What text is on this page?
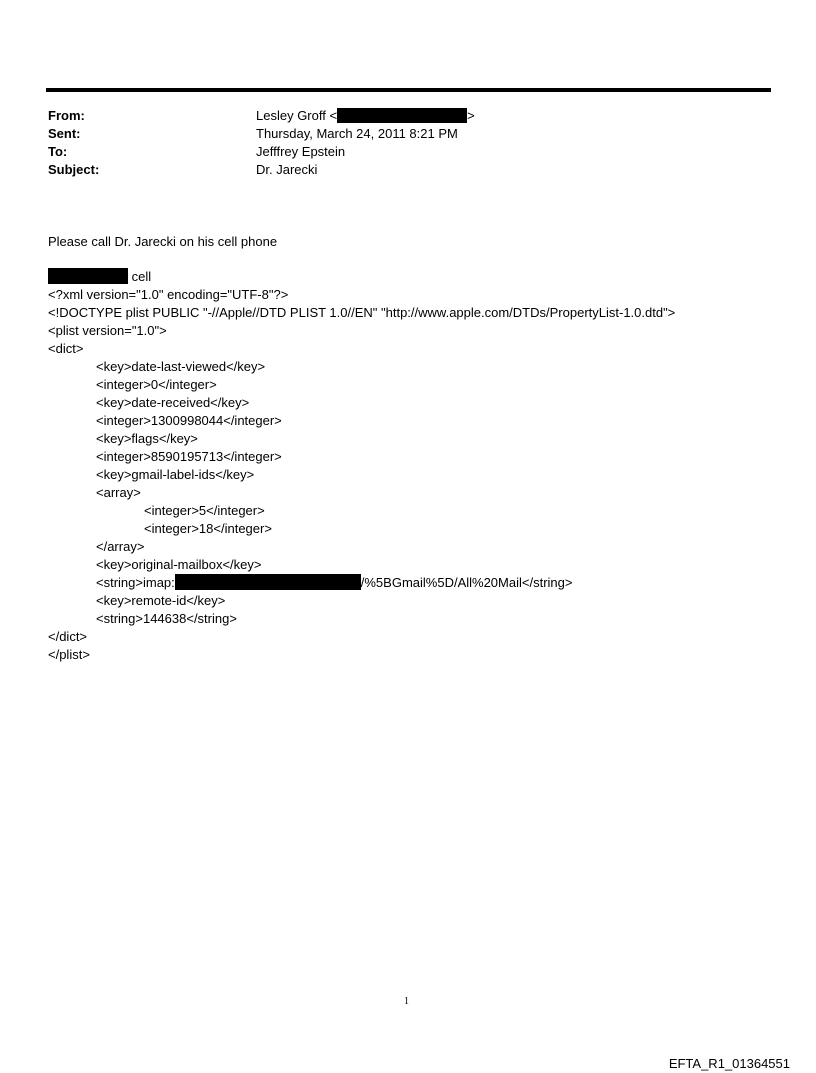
From:	Lesley Groff <	>
Sent:	Thursday, March 24, 2011 8:21 PM
To:	Jefffrey Epstein
Subject:	Dr. Jarecki
Please call Dr. Jarecki on his cell phone
cell
<?xml version="1.0" encoding="UTF-8"?>
<!DOCTYPE plist PUBLIC "-//Apple//DTD PLIST 1.0//EN" "http://www.apple.com/DTDs/PropertyList-1.0.dtd">
<plist version="1.0">
<dict>
<key>date-last-viewed</key>
<integer>0</integer>
<key>date-received</key>
<integer>1300998044</integer>
<key>flags</key>
<integer>8590195713</integer>
<key>gmail-label-ids</key>
<array>
<integer>5</integer>
<integer>18</integer>
</array>
<key>original-mailbox</key>
<string>imap:	/%5BGmail%5D/All%20Mail</string>
<key>remote-id</key>
<string>144638</string>
</dict>
</plist>
1
EFTA_R1_01364551
